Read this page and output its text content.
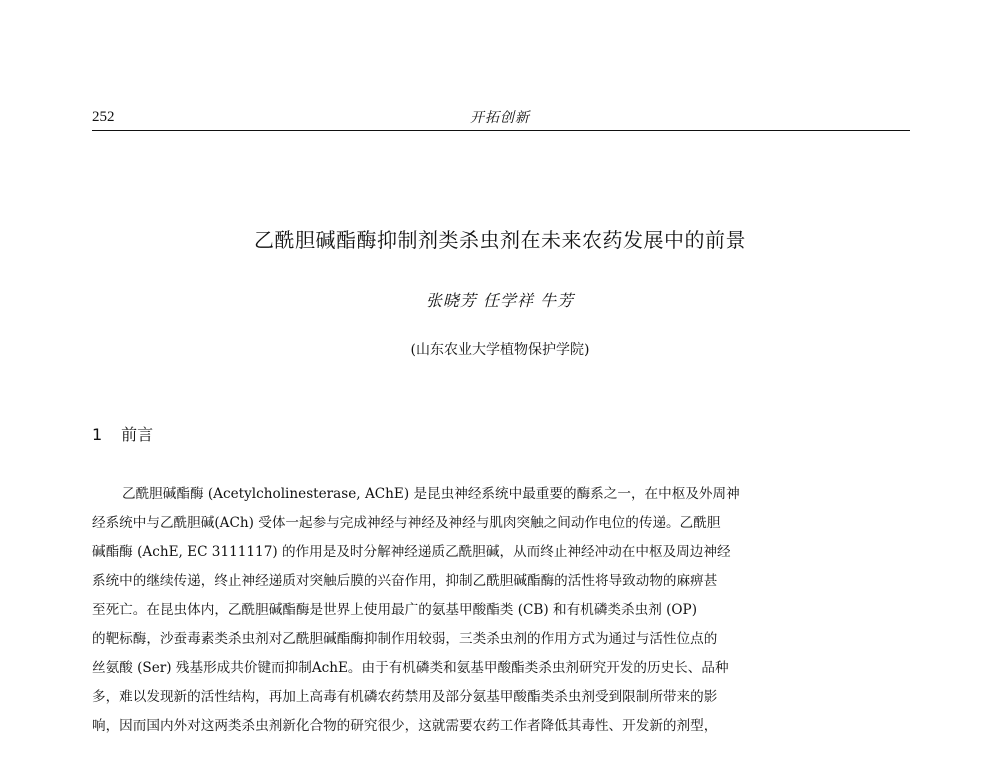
252	开拓创新
乙酰胆碱酯酶抑制剂类杀虫剂在未来农药发展中的前景
张晓芳 任学祥 牛芳
(山东农业大学植物保护学院)
1 前言
乙酰胆碱酯酶 (Acetylcholinesterase, AChE) 是昆虫神经系统中最重要的酶系之一，在中枢及外周神
经系统中与乙酰胆碱(ACh) 受体一起参与完成神经与神经及神经与肌肉突触之间动作电位的传递。乙酰胆
碱酯酶 (AchE, EC 3111117) 的作用是及时分解神经递质乙酰胆碱，从而终止神经冲动在中枢及周边神经
系统中的继续传递，终止神经递质对突触后膜的兴奋作用，抑制乙酰胆碱酯酶的活性将导致动物的麻痹甚
至死亡。在昆虫体内，乙酰胆碱酯酶是世界上使用最广的氨基甲酸酯类 (CB) 和有机磷类杀虫剂 (OP)
的靶标酶，沙蚕毒素类杀虫剂对乙酰胆碱酯酶抑制作用较弱，三类杀虫剂的作用方式为通过与活性位点的
丝氨酸 (Ser) 残基形成共价键而抑制AchE。由于有机磷类和氨基甲酸酯类杀虫剂研究开发的历史长、品种
多，难以发现新的活性结构，再加上高毒有机磷农药禁用及部分氨基甲酸酯类杀虫剂受到限制所带来的影
响，因而国内外对这两类杀虫剂新化合物的研究很少，这就需要农药工作者降低其毒性、开发新的剂型，
